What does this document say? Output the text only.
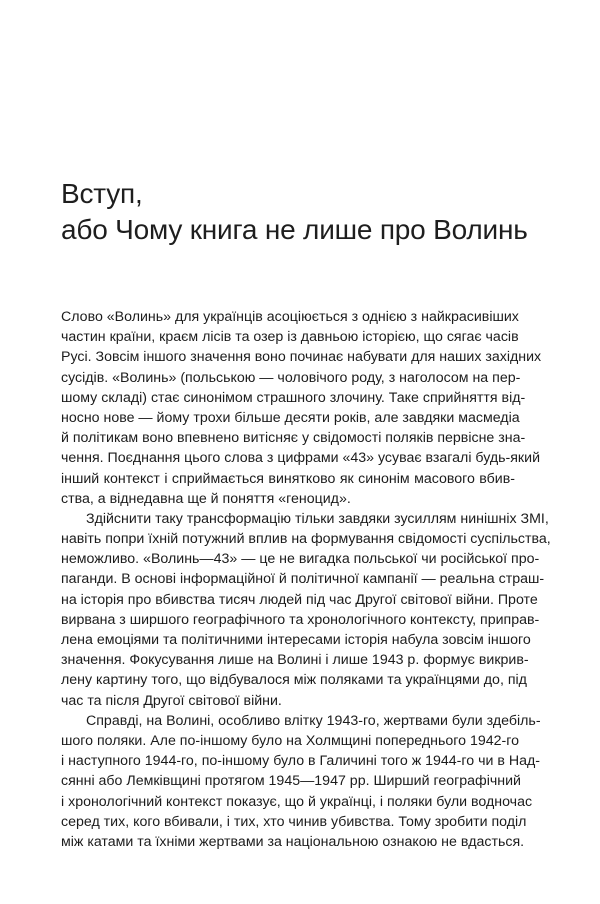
Вступ,
або Чому книга не лише про Волинь
Слово «Волинь» для українців асоціюється з однією з найкрасивіших
частин країни, краєм лісів та озер із давньою історією, що сягає часів
Русі. Зовсім іншого значення воно починає набувати для наших західних
сусідів. «Волинь» (польською — чоловічого роду, з наголосом на пер-
шому складі) стає синонімом страшного злочину. Таке сприйняття від-
носно нове — йому трохи більше десяти років, але завдяки масмедіа
й політикам воно впевнено витісняє у свідомості поляків первісне зна-
чення. Поєднання цього слова з цифрами «43» усуває взагалі будь-який
інший контекст і сприймається винятково як синонім масового вбив-
ства, а віднедавна ще й поняття «геноцид».
Здійснити таку трансформацію тільки завдяки зусиллям нинішніх ЗМІ,
навіть попри їхній потужний вплив на формування свідомості суспільства,
неможливо. «Волинь—43» — це не вигадка польської чи російської про-
паганди. В основі інформаційної й політичної кампанії — реальна страш-
на історія про вбивства тисяч людей під час Другої світової війни. Проте
вирвана з ширшого географічного та хронологічного контексту, приправ-
лена емоціями та політичними інтересами історія набула зовсім іншого
значення. Фокусування лише на Волині і лише 1943 р. формує викрив-
лену картину того, що відбувалося між поляками та українцями до, під
час та після Другої світової війни.
Справді, на Волині, особливо влітку 1943-го, жертвами були здебіль-
шого поляки. Але по-іншому було на Холмщині попереднього 1942-го
і наступного 1944-го, по-іншому було в Галичині того ж 1944-го чи в Над-
сянні або Лемківщині протягом 1945—1947 рр. Ширший географічний
і хронологічний контекст показує, що й українці, і поляки були водночас
серед тих, кого вбивали, і тих, хто чинив убивства. Тому зробити поділ
між катами та їхніми жертвами за національною ознакою не вдасться.
